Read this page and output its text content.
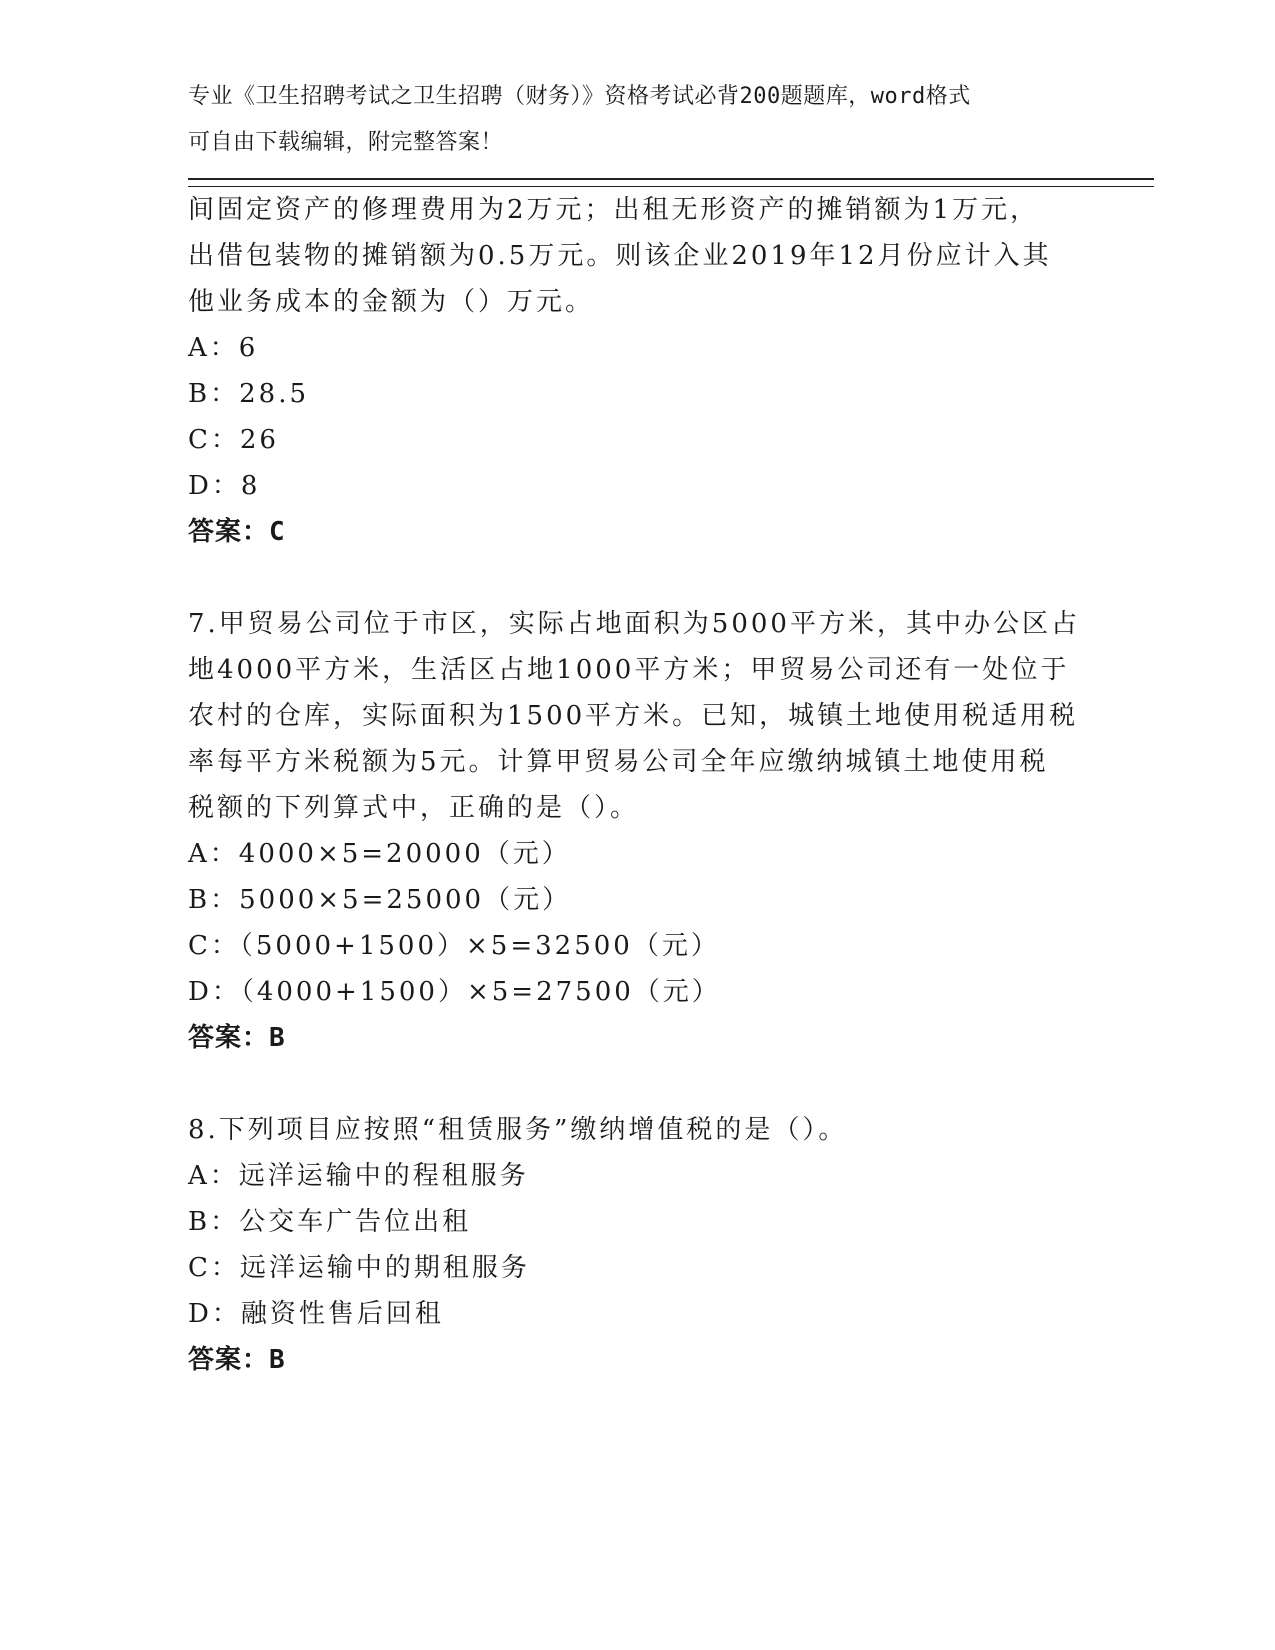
专业《卫生招聘考试之卫生招聘（财务）》资格考试必背200题题库，word格式
可自由下载编辑，附完整答案！
间固定资产的修理费用为2万元；出租无形资产的摊销额为1万元，
出借包装物的摊销额为0.5万元。则该企业2019年12月份应计入其
他业务成本的金额为（）万元。
A：6
B：28.5
C：26
D：8
答案：C
7.甲贸易公司位于市区，实际占地面积为5000平方米，其中办公区占
地4000平方米，生活区占地1000平方米；甲贸易公司还有一处位于
农村的仓库，实际面积为1500平方米。已知，城镇土地使用税适用税
率每平方米税额为5元。计算甲贸易公司全年应缴纳城镇土地使用税
税额的下列算式中，正确的是（）。
A：4000×5=20000（元）
B：5000×5=25000（元）
C：（5000+1500）×5=32500（元）
D：（4000+1500）×5=27500（元）
答案：B
8.下列项目应按照“租赁服务”缴纳增值税的是（）。
A：远洋运输中的程租服务
B：公交车广告位出租
C：远洋运输中的期租服务
D：融资性售后回租
答案：B
